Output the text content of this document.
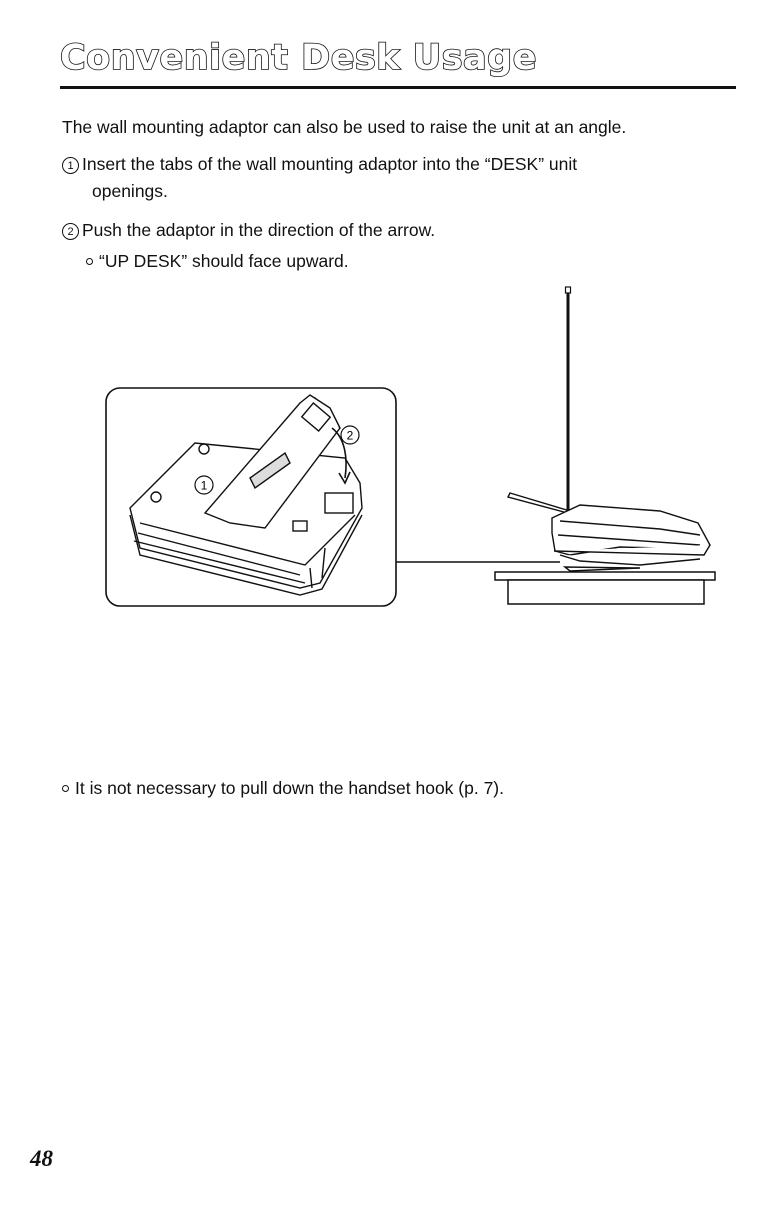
Convenient Desk Usage
The wall mounting adaptor can also be used to raise the unit at an angle.
1 Insert the tabs of the wall mounting adaptor into the “DESK” unit
openings.
2 Push the adaptor in the direction of the arrow.
“UP DESK” should face upward.
1
2
It is not necessary to pull down the handset hook (p. 7).
48
